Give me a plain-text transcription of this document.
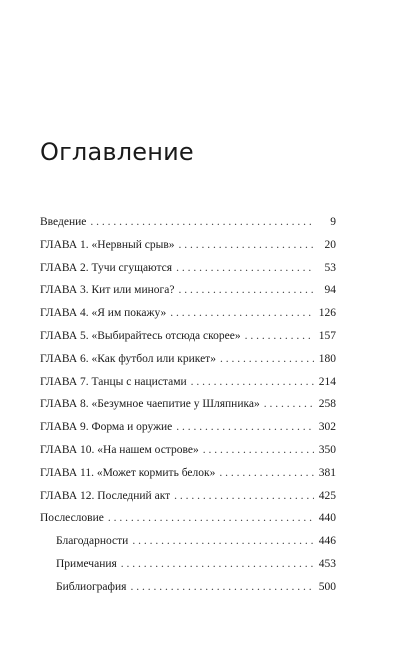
Оглавление
Введение . . .	9
ГЛАВА 1. «Нервный срыв» . . .	20
ГЛАВА 2. Тучи сгущаются . . .	53
ГЛАВА 3. Кит или минога? . . .	94
ГЛАВА 4. «Я им покажу» . . .	126
ГЛАВА 5. «Выбирайтесь отсюда скорее» . . .	157
ГЛАВА 6. «Как футбол или крикет» . . .	180
ГЛАВА 7. Танцы с нацистами . . .	214
ГЛАВА 8. «Безумное чаепитие у Шляпника» . . .	258
ГЛАВА 9. Форма и оружие . . .	302
ГЛАВА 10. «На нашем острове» . . .	350
ГЛАВА 11. «Может кормить белок» . . .	381
ГЛАВА 12. Последний акт . . .	425
Послесловие . . .	440
Благодарности . . .	446
Примечания . . .	453
Библиография . . .	500
